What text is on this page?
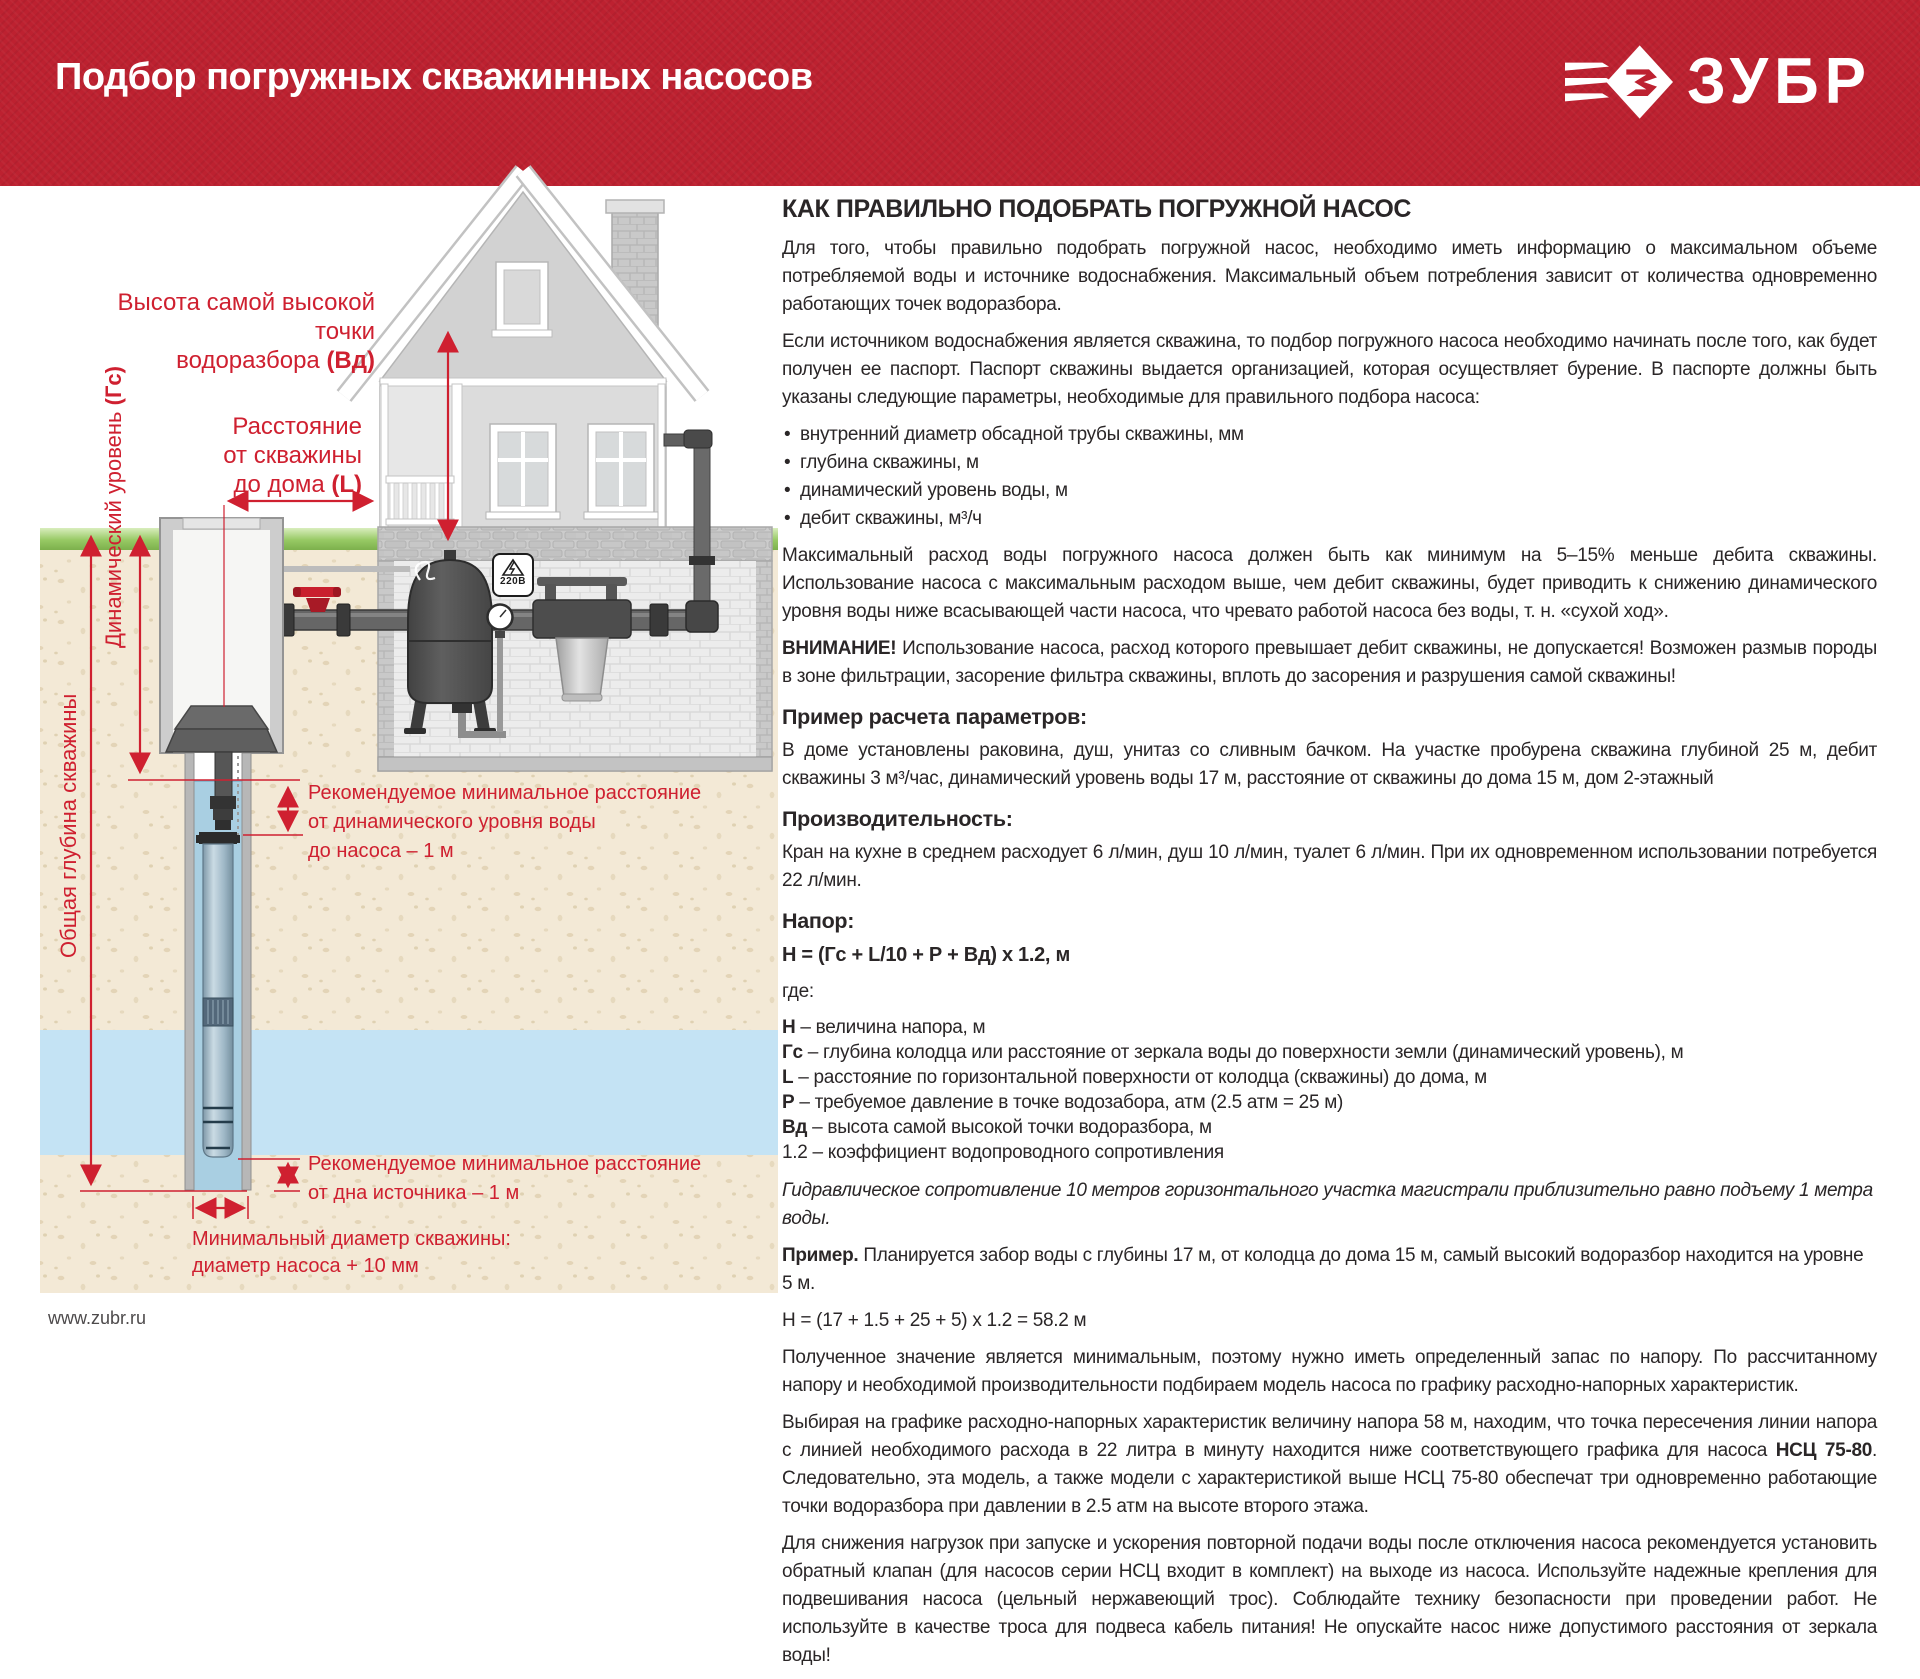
Подбор погружных скважинных насосов	ЗУБР
Высота самой высокой точки
водоразбора (Вд)
Расстояние
от скважины
до дома (L)
Динамический уровень (Гс)
Общая глубина скважины	Рекомендуемое минимальное расстояние
от динамического уровня воды
до насоса – 1 м
Рекомендуемое минимальное расстояние
от дна источника – 1 м
Минимальный диаметр скважины:
диаметр насоса + 10 мм
220В
КАК ПРАВИЛЬНО ПОДОБРАТЬ ПОГРУЖНОЙ НАСОС

Для того, чтобы правильно подобрать погружной насос, необходимо иметь информацию о максимальном объеме потребляемой воды и источнике водоснабжения. Максимальный объем потребления зависит от количества одновременно работающих точек водоразбора.

Если источником водоснабжения является скважина, то подбор погружного насоса необходимо начинать после того, как будет получен ее паспорт. Паспорт скважины выдается организацией, которая осуществляет бурение. В паспорте должны быть указаны следующие параметры, необходимые для правильного подбора насоса:

• внутренний диаметр обсадной трубы скважины, мм
• глубина скважины, м
• динамический уровень воды, м
• дебит скважины, м³/ч

Максимальный расход воды погружного насоса должен быть как минимум на 5–15% меньше дебита скважины. Использование насоса с максимальным расходом выше, чем дебит скважины, будет приводить к снижению динамического уровня воды ниже всасывающей части насоса, что чревато работой насоса без воды, т. н. «сухой ход».

ВНИМАНИЕ! Использование насоса, расход которого превышает дебит скважины, не допускается! Возможен размыв породы в зоне фильтрации, засорение фильтра скважины, вплоть до засорения и разрушения самой скважины!

Пример расчета параметров:

В доме установлены раковина, душ, унитаз со сливным бачком. На участке пробурена скважина глубиной 25 м, дебит скважины 3 м³/час, динамический уровень воды 17 м, расстояние от скважины до дома 15 м, дом 2-этажный

Производительность:

Кран на кухне в среднем расходует 6 л/мин, душ 10 л/мин, туалет 6 л/мин. При их одновременном использовании потребуется 22 л/мин.

Напор:

Н = (Гс + L/10 + Р + Вд) х 1.2, м

где:

Н – величина напора, м
Гс – глубина колодца или расстояние от зеркала воды до поверхности земли (динамический уровень), м
L – расстояние по горизонтальной поверхности от колодца (скважины) до дома, м
Р – требуемое давление в точке водозабора, атм (2.5 атм = 25 м)
Вд – высота самой высокой точки водоразбора, м
1.2 – коэффициент водопроводного сопротивления

Гидравлическое сопротивление 10 метров горизонтального участка магистрали приблизительно равно подъему 1 метра воды.

Пример. Планируется забор воды с глубины 17 м, от колодца до дома 15 м, самый высокий водоразбор находится на уровне 5 м.

Н = (17 + 1.5 + 25 + 5) х 1.2 = 58.2 м

Полученное значение является минимальным, поэтому нужно иметь определенный запас по напору. По рассчитанному напору и необходимой производительности подбираем модель насоса по графику расходно-напорных характеристик.

Выбирая на графике расходно-напорных характеристик величину напора 58 м, находим, что точка пересечения линии напора с линией необходимого расхода в 22 литра в минуту находится ниже соответствующего графика для насоса НСЦ 75-80. Следовательно, эта модель, а также модели с характеристикой выше НСЦ 75-80 обеспечат три одновременно работающие точки водоразбора при давлении в 2.5 атм на высоте второго этажа.

Для снижения нагрузок при запуске и ускорения повторной подачи воды после отключения насоса рекомендуется установить обратный клапан (для насосов серии НСЦ входит в комплект) на выходе из насоса. Используйте надежные крепления для подвешивания насоса (цельный нержавеющий трос). Соблюдайте технику безопасности при проведении работ. Не используйте в качестве троса для подвеса кабель питания! Не опускайте насос ниже допустимого расстояния от зеркала воды!

www.zubr.ru
